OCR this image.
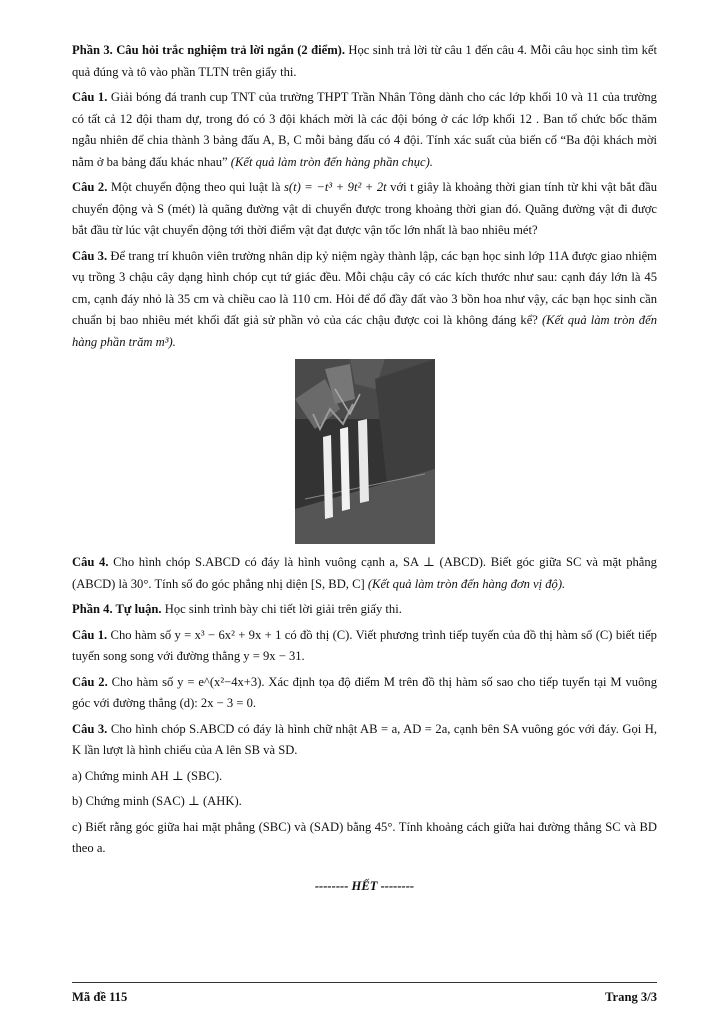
Phần 3. Câu hỏi trắc nghiệm trả lời ngắn (2 điểm). Học sinh trả lời từ câu 1 đến câu 4. Mỗi câu học sinh tìm kết quả đúng và tô vào phần TLTN trên giấy thi.

Câu 1. Giải bóng đá tranh cup TNT của trường THPT Trần Nhân Tông dành cho các lớp khối 10 và 11 của trường có tất cả 12 đội tham dự, trong đó có 3 đội khách mời là các đội bóng ở các lớp khối 12 . Ban tổ chức bốc thăm ngẫu nhiên để chia thành 3 bảng đấu A, B, C mỗi bảng đấu có 4 đội. Tính xác suất của biến cố “Ba đội khách mời nằm ở ba bảng đấu khác nhau” (Kết quả làm tròn đến hàng phần chục).

Câu 2. Một chuyển động theo qui luật là s(t) = −t³ + 9t² + 2t với t giây là khoảng thời gian tính từ khi vật bắt đầu chuyển động và S (mét) là quãng đường vật di chuyển được trong khoảng thời gian đó. Quãng đường vật đi được bắt đầu từ lúc vật chuyển động tới thời điểm vật đạt được vận tốc lớn nhất là bao nhiêu mét?

Câu 3. Để trang trí khuôn viên trường nhân dịp kỷ niệm ngày thành lập, các bạn học sinh lớp 11A được giao nhiệm vụ trồng 3 chậu cây dạng hình chóp cụt tứ giác đều. Mỗi chậu cây có các kích thước như sau: cạnh đáy lớn là 45 cm, cạnh đáy nhỏ là 35 cm và chiều cao là 110 cm. Hỏi để đổ đầy đất vào 3 bồn hoa như vậy, các bạn học sinh cần chuẩn bị bao nhiêu mét khối đất giả sử phần vỏ của các chậu được coi là không đáng kể? (Kết quả làm tròn đến hàng phần trăm m³).

Câu 4. Cho hình chóp S.ABCD có đáy là hình vuông cạnh a, SA ⊥ (ABCD). Biết góc giữa SC và mặt phẳng (ABCD) là 30°. Tính số đo góc phẳng nhị diện [S, BD, C] (Kết quả làm tròn đến hàng đơn vị độ).

Phần 4. Tự luận. Học sinh trình bày chi tiết lời giải trên giấy thi.

Câu 1. Cho hàm số y = x³ − 6x² + 9x + 1 có đồ thị (C). Viết phương trình tiếp tuyến của đồ thị hàm số (C) biết tiếp tuyến song song với đường thẳng y = 9x − 31.

Câu 2. Cho hàm số y = e^(x²−4x+3). Xác định tọa độ điểm M trên đồ thị hàm số sao cho tiếp tuyến tại M vuông góc với đường thẳng (d): 2x − 3 = 0.

Câu 3. Cho hình chóp S.ABCD có đáy là hình chữ nhật AB = a, AD = 2a, cạnh bên SA vuông góc với đáy. Gọi H, K lần lượt là hình chiếu của A lên SB và SD.

a) Chứng minh AH ⊥ (SBC).

b) Chứng minh (SAC) ⊥ (AHK).

c) Biết rằng góc giữa hai mặt phẳng (SBC) và (SAD) bằng 45°. Tính khoảng cách giữa hai đường thẳng SC và BD theo a.

-------- HẾT --------
Mã đề 115	Trang 3/3
